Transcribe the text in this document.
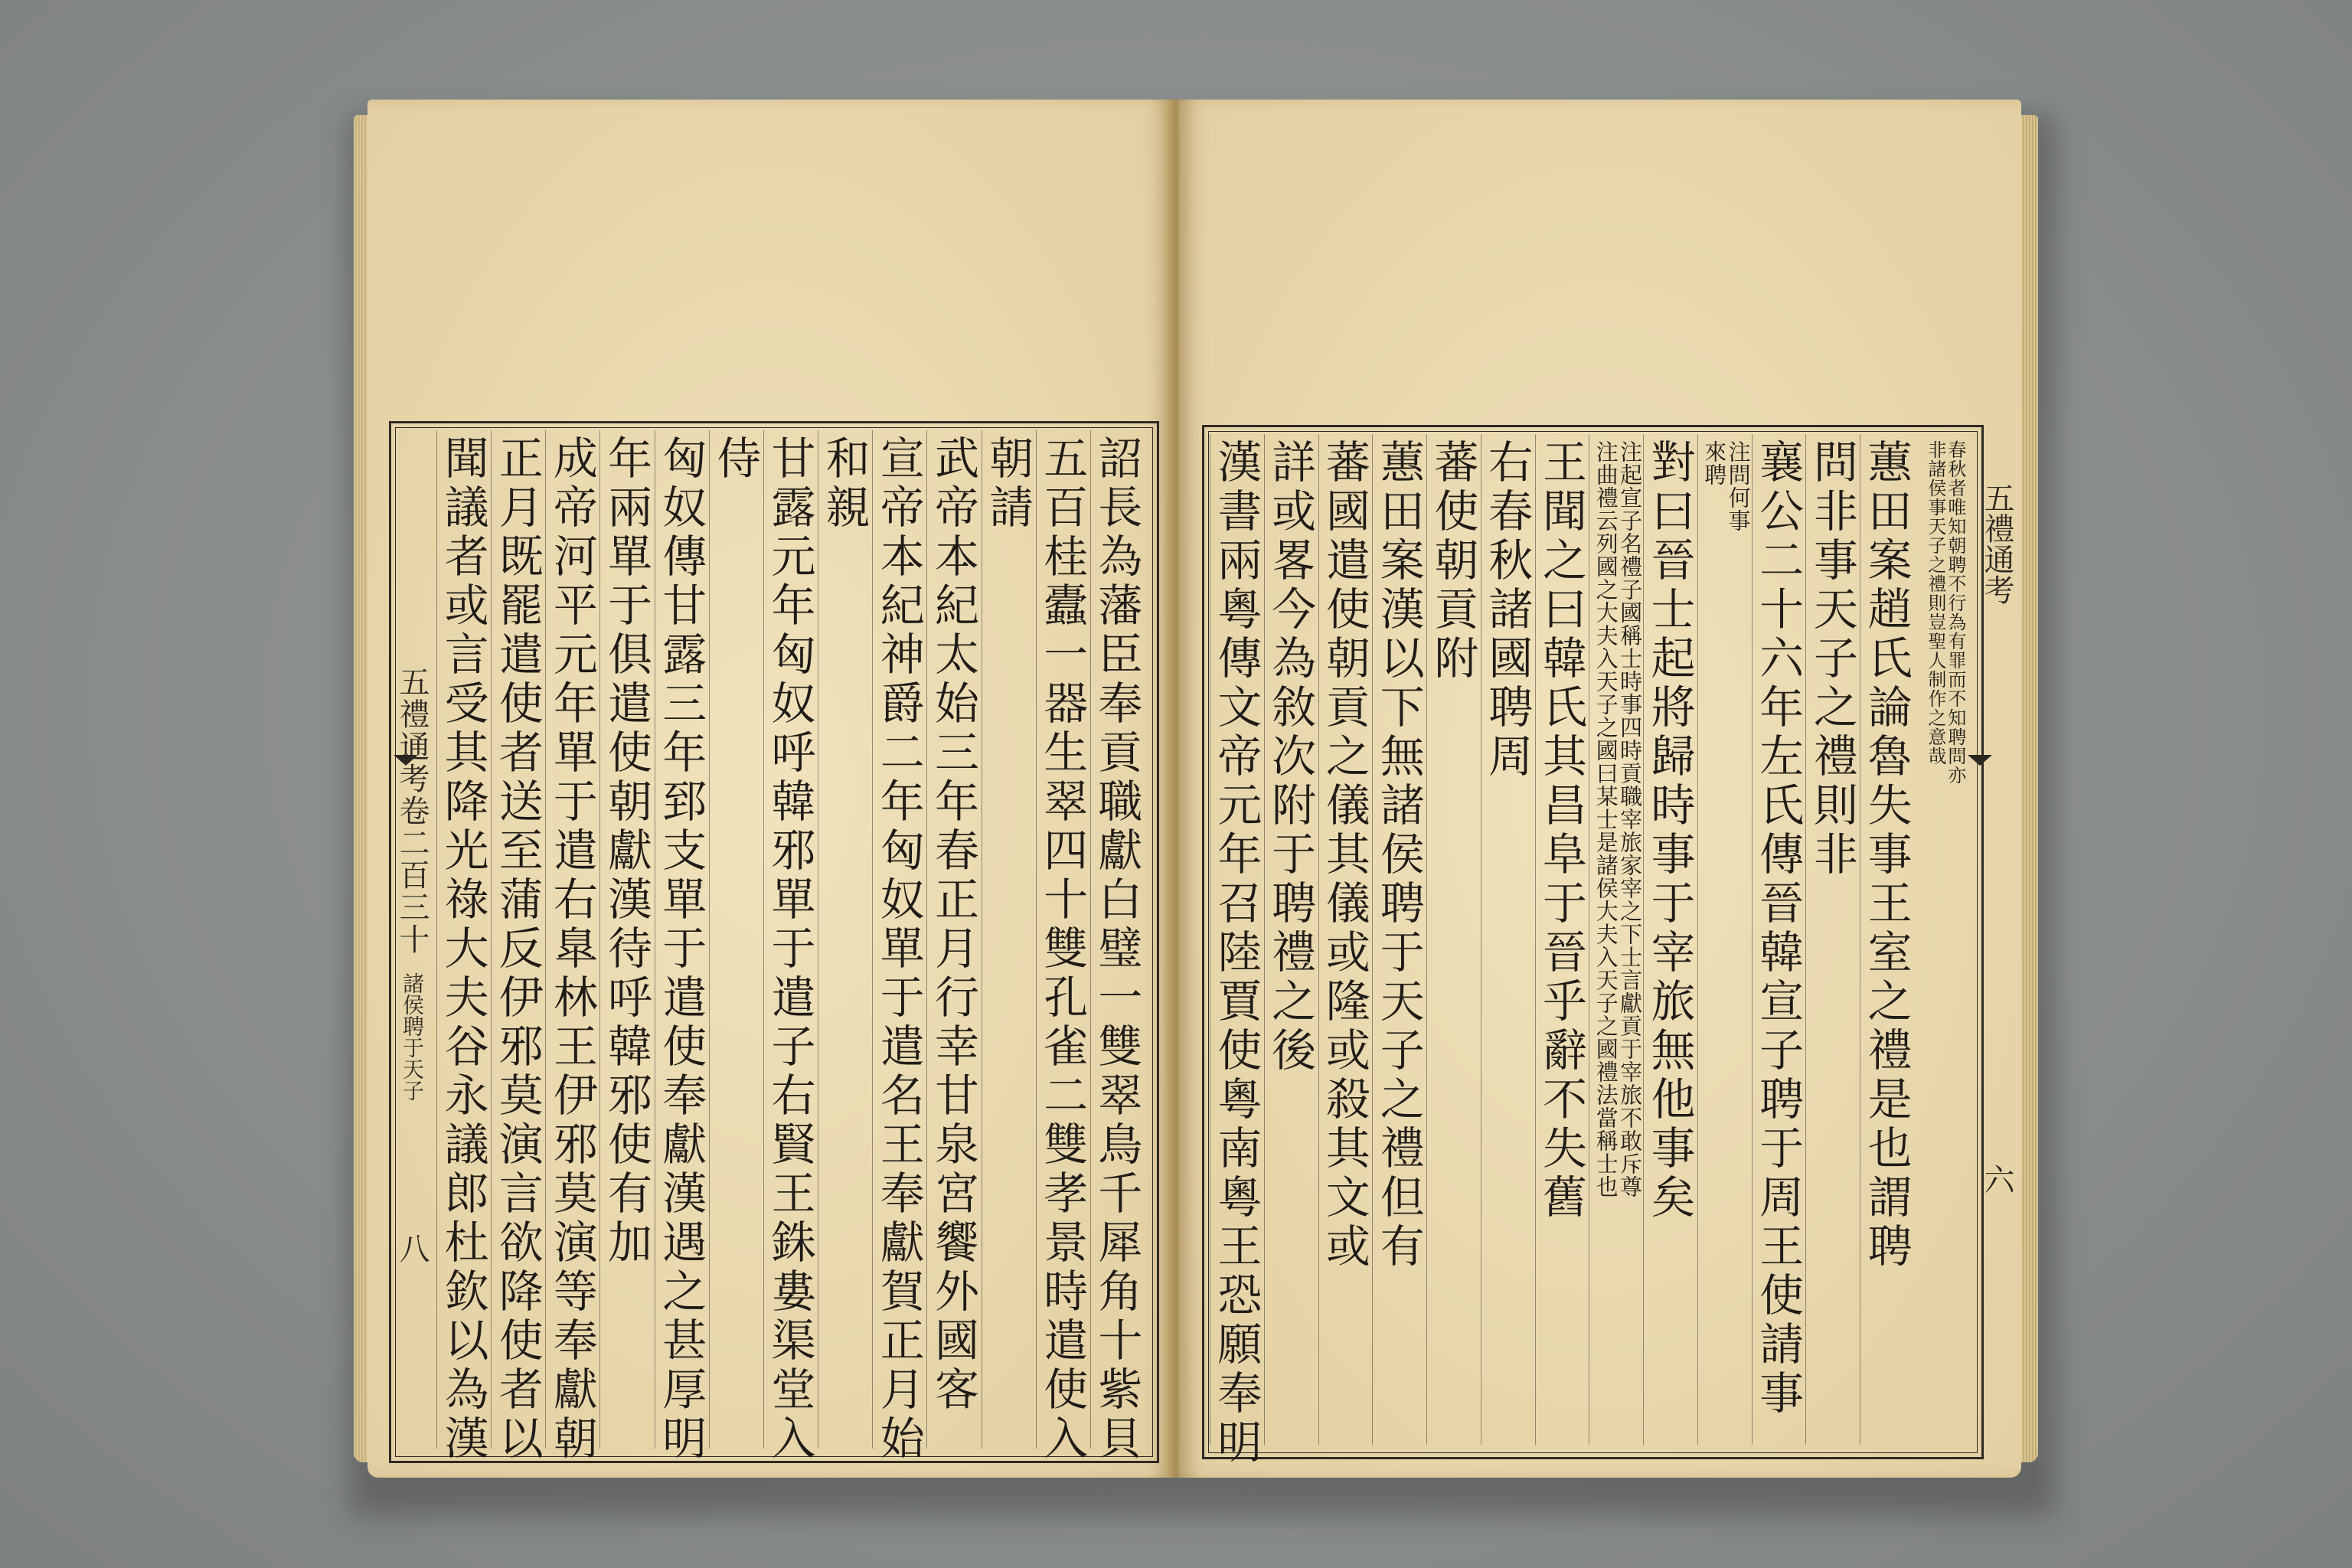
五禮通考卷二百三十
諸侯聘于天子
八	詔長為藩臣奉貢職獻白璧一雙翠鳥千犀角十紫貝
五百桂蠹一器生翠四十雙孔雀二雙孝景時遣使入
朝請
武帝本紀太始三年春正月行幸甘泉宮饗外國客
宣帝本紀神爵二年匈奴單于遣名王奉獻賀正月始
和親
甘露元年匈奴呼韓邪單于遣子右賢王銖婁渠堂入
侍
匈奴傳甘露三年郅支單于遣使奉獻漢遇之甚厚明
年兩單于俱遣使朝獻漢待呼韓邪使有加
成帝河平元年單于遣右臯林王伊邪莫演等奉獻朝
正月既罷遣使者送至蒲反伊邪莫演言欲降使者以
聞議者或言受其降光祿大夫谷永議郎杜欽以為漢	五禮通考
六
春秋者唯知朝聘不行為有罪而不知聘問亦
非諸侯事天子之禮則豈聖人制作之意哉
蕙田案趙氏論魯失事王室之禮是也謂聘
問非事天子之禮則非
襄公二十六年左氏傳晉韓宣子聘于周王使請事
注問何事
來聘
對曰晉士起將歸時事于宰旅無他事矣
注起宣子名禮子國稱士時事四時貢職宰旅家宰之下士言獻貢于宰旅不敢斥尊
注曲禮云列國之大夫入天子之國曰某士是諸侯大夫入天子之國禮法當稱士也
王聞之曰韓氏其昌阜于晉乎辭不失舊
右春秋諸國聘周
蕃使朝貢附
蕙田案漢以下無諸侯聘于天子之禮但有
蕃國遣使朝貢之儀其儀或隆或殺其文或
詳或畧今為敘次附于聘禮之後
漢書兩粵傳文帝元年召陸賈使粵南粵王恐願奉明
